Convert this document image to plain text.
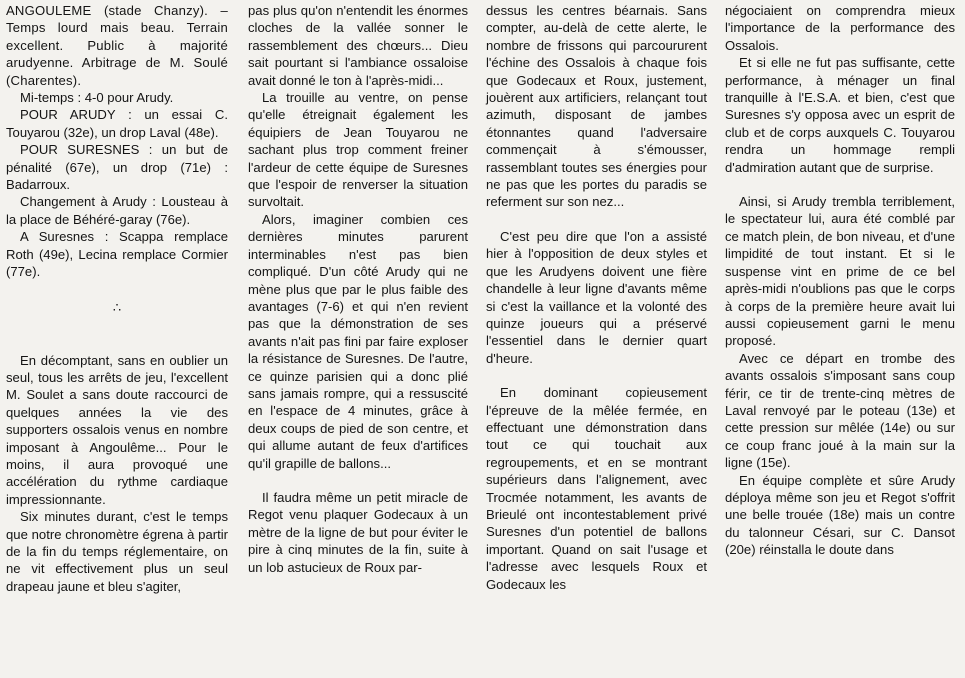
ANGOULEME (stade Chanzy). – Temps lourd mais beau. Terrain excellent. Public à majorité arudyenne. Arbitrage de M. Soulé (Charentes).

Mi-temps : 4-0 pour Arudy.

POUR ARUDY : un essai C. Touyarou (32e), un drop Laval (48e).

POUR SURESNES : un but de pénalité (67e), un drop (71e) : Badarroux.

Changement à Arudy : Lousteau à la place de Béhéré-garay (76e).

A Suresnes : Scappa remplace Roth (49e), Lecina remplace Cormier (77e).

∴

En décomptant, sans en oublier un seul, tous les arrêts de jeu, l'excellent M. Soulet a sans doute raccourci de quelques années la vie des supporters ossalois venus en nombre imposant à Angoulême... Pour le moins, il aura provoqué une accélération du rythme cardiaque impressionnante.

Six minutes durant, c'est le temps que notre chronomètre égrena à partir de la fin du temps réglementaire, on ne vit effectivement plus un seul drapeau jaune et bleu s'agiter,

pas plus qu'on n'entendit les énormes cloches de la vallée sonner le rassemblement des chœurs... Dieu sait pourtant si l'ambiance ossaloise avait donné le ton à l'après-midi...

La trouille au ventre, on pense qu'elle étreignait également les équipiers de Jean Touyarou ne sachant plus trop comment freiner l'ardeur de cette équipe de Suresnes que l'espoir de renverser la situation survoltait.

Alors, imaginer combien ces dernières minutes parurent interminables n'est pas bien compliqué. D'un côté Arudy qui ne mène plus que par le plus faible des avantages (7-6) et qui n'en revient pas que la démonstration de ses avants n'ait pas fini par faire exploser la résistance de Suresnes. De l'autre, ce quinze parisien qui a donc plié sans jamais rompre, qui a ressuscité en l'espace de 4 minutes, grâce à deux coups de pied de son centre, et qui allume autant de feux d'artifices qu'il grapille de ballons...

Il faudra même un petit miracle de Regot venu plaquer Godecaux à un mètre de la ligne de but pour éviter le pire à cinq minutes de la fin, suite à un lob astucieux de Roux par-

dessus les centres béarnais. Sans compter, au-delà de cette alerte, le nombre de frissons qui parcoururent l'échine des Ossalois à chaque fois que Godecaux et Roux, justement, jouèrent aux artificiers, relançant tout azimuth, disposant de jambes étonnantes quand l'adversaire commençait à s'émousser, rassemblant toutes ses énergies pour ne pas que les portes du paradis se referment sur son nez...

C'est peu dire que l'on a assisté hier à l'opposition de deux styles et que les Arudyens doivent une fière chandelle à leur ligne d'avants même si c'est la vaillance et la volonté des quinze joueurs qui a préservé l'essentiel dans le dernier quart d'heure.

En dominant copieusement l'épreuve de la mêlée fermée, en effectuant une démonstration dans tout ce qui touchait aux regroupements, et en se montrant supérieurs dans l'alignement, avec Trocmée notamment, les avants de Brieulé ont incontestablement privé Suresnes d'un potentiel de ballons important. Quand on sait l'usage et l'adresse avec lesquels Roux et Godecaux les

négociaient on comprendra mieux l'importance de la performance des Ossalois.

Et si elle ne fut pas suffisante, cette performance, à ménager un final tranquille à l'E.S.A. et bien, c'est que Suresnes s'y opposa avec un esprit de club et de corps auxquels C. Touyarou rendra un hommage rempli d'admiration autant que de surprise.

Ainsi, si Arudy trembla terriblement, le spectateur lui, aura été comblé par ce match plein, de bon niveau, et d'une limpidité de tout instant. Et si le suspense vint en prime de ce bel après-midi n'oublions pas que le corps à corps de la première heure avait lui aussi copieusement garni le menu proposé.

Avec ce départ en trombe des avants ossalois s'imposant sans coup férir, ce tir de trente-cinq mètres de Laval renvoyé par le poteau (13e) et cette pression sur mêlée (14e) ou sur ce coup franc joué à la main sur la ligne (15e).

En équipe complète et sûre Arudy déploya même son jeu et Regot s'offrit une belle trouée (18e) mais un contre du talonneur Césari, sur C. Dansot (20e) réinstalla le doute dans
